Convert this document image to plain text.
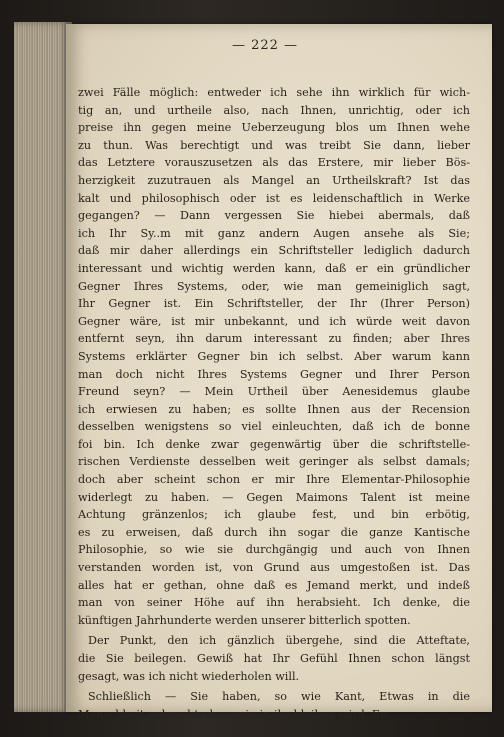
— 222 —
zwei Fälle möglich: entweder ich sehe ihn wirklich für wich-
tig an, und urtheile also, nach Ihnen, unrichtig, oder ich
preise ihn gegen meine Ueberzeugung blos um Ihnen wehe
zu thun. Was berechtigt und was treibt Sie dann, lieber
das Letztere vorauszusetzen als das Erstere, mir lieber Bös-
herzigkeit zuzutrauen als Mangel an Urtheilskraft? Ist das
kalt und philosophisch oder ist es leidenschaftlich in Werke
gegangen? — Dann vergessen Sie hiebei abermals, daß
ich Ihr Sy..m mit ganz andern Augen ansehe als Sie;
daß mir daher allerdings ein Schriftsteller lediglich dadurch
interessant und wichtig werden kann, daß er ein gründlicher
Gegner Ihres Systems, oder, wie man gemeiniglich sagt,
Ihr Gegner ist. Ein Schriftsteller, der Ihr (Ihrer Person)
Gegner wäre, ist mir unbekannt, und ich würde weit davon
entfernt seyn, ihn darum interessant zu finden; aber Ihres
Systems erklärter Gegner bin ich selbst. Aber warum kann
man doch nicht Ihres Systems Gegner und Ihrer Person
Freund seyn? — Mein Urtheil über Aenesidemus glaube
ich erwiesen zu haben; es sollte Ihnen aus der Recension
desselben wenigstens so viel einleuchten, daß ich de bonne
foi bin. Ich denke zwar gegenwärtig über die schriftstelle-
rischen Verdienste desselben weit geringer als selbst damals;
doch aber scheint schon er mir Ihre Elementar-Philosophie
widerlegt zu haben. — Gegen Maimons Talent ist meine
Achtung gränzenlos; ich glaube fest, und bin erbötig,
es zu erweisen, daß durch ihn sogar die ganze Kantische
Philosophie, so wie sie durchgängig und auch von Ihnen
verstanden worden ist, von Grund aus umgestoßen ist. Das
alles hat er gethan, ohne daß es Jemand merkt, und indeß
man von seiner Höhe auf ihn herabsieht. Ich denke, die
künftigen Jahrhunderte werden unserer bitterlich spotten.
Der Punkt, den ich gänzlich übergehe, sind die Atteftate,
die Sie beilegen. Gewiß hat Ihr Gefühl Ihnen schon längst
gesagt, was ich nicht wiederholen will.
Schließlich — Sie haben, so wie Kant, Etwas in die
Menschheit gebracht, das ewig in ihr bleiben wird. Er,
